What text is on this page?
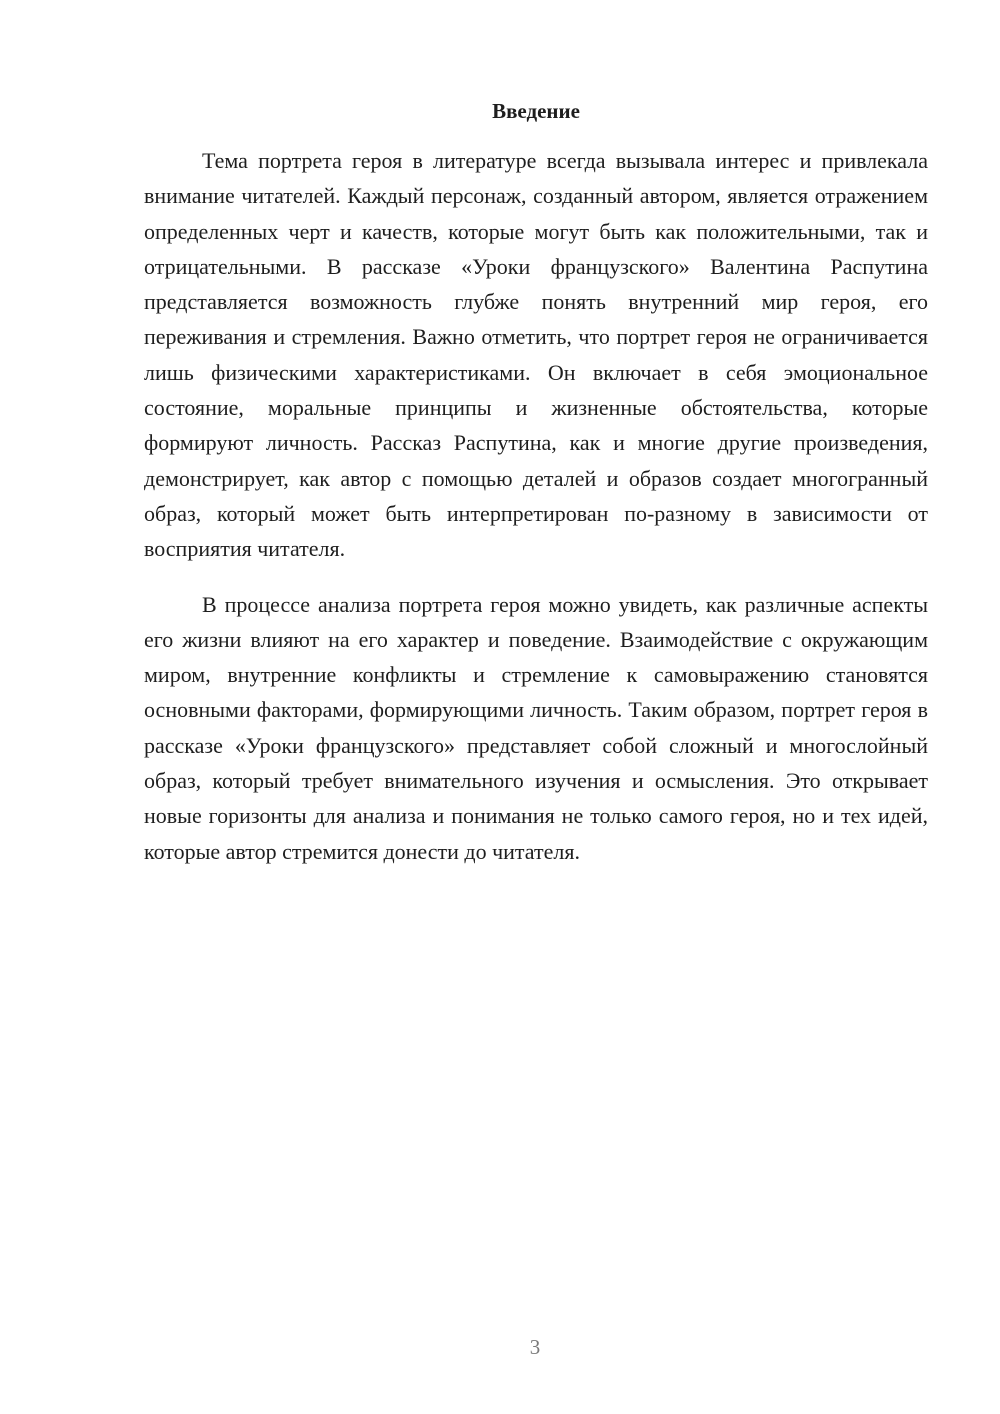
Введение

Тема портрета героя в литературе всегда вызывала интерес и привлекала внимание читателей. Каждый персонаж, созданный автором, является отражением определенных черт и качеств, которые могут быть как положительными, так и отрицательными. В рассказе «Уроки французского» Валентина Распутина представляется возможность глубже понять внутренний мир героя, его переживания и стремления. Важно отметить, что портрет героя не ограничивается лишь физическими характеристиками. Он включает в себя эмоциональное состояние, моральные принципы и жизненные обстоятельства, которые формируют личность. Рассказ Распутина, как и многие другие произведения, демонстрирует, как автор с помощью деталей и образов создает многогранный образ, который может быть интерпретирован по-разному в зависимости от восприятия читателя.

В процессе анализа портрета героя можно увидеть, как различные аспекты его жизни влияют на его характер и поведение. Взаимодействие с окружающим миром, внутренние конфликты и стремление к самовыражению становятся основными факторами, формирующими личность. Таким образом, портрет героя в рассказе «Уроки французского» представляет собой сложный и многослойный образ, который требует внимательного изучения и осмысления. Это открывает новые горизонты для анализа и понимания не только самого героя, но и тех идей, которые автор стремится донести до читателя.

3
